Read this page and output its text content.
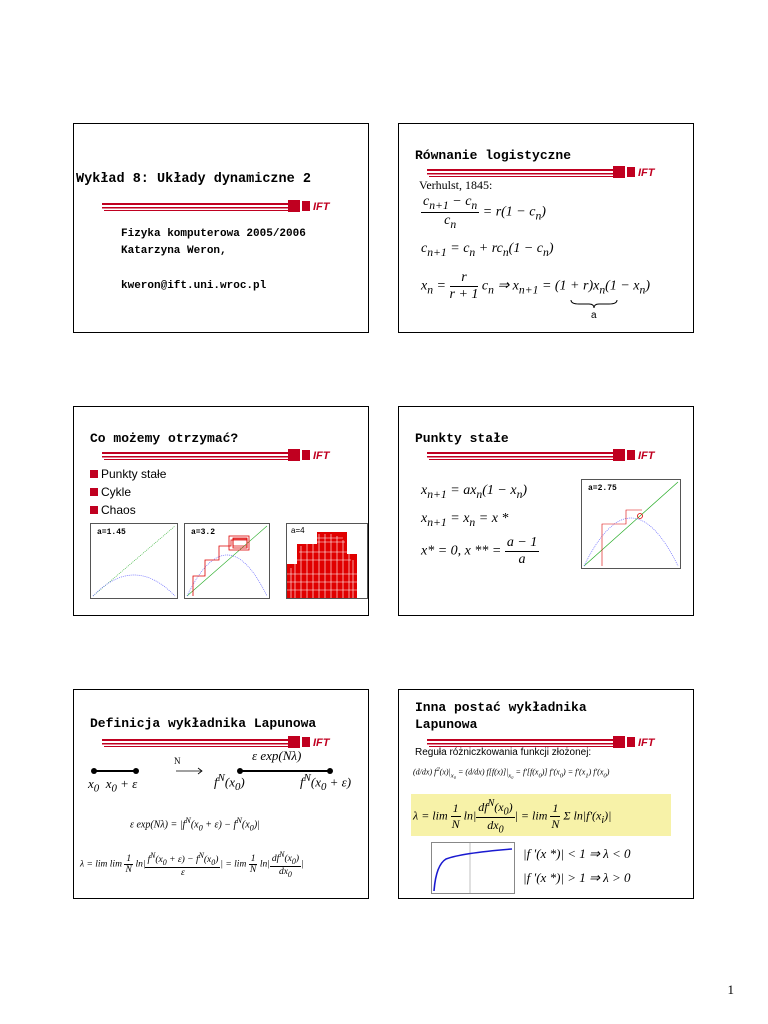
Wykład 8: Układy dynamiczne 2
IFT
Fizyka komputerowa 2005/2006
Katarzyna Weron,
kweron@ift.uni.wroc.pl
Równanie logistyczne
IFT
Verhulst, 1845:
$\frac{c_{n+1} - c_n}{c_n} = r(1 - c_n)$
$c_{n+1} = c_n + rc_n(1 - c_n)$
$x_n = \frac{r}{r + 1} c_n$ ⇒ $x_{n+1} = (1 + r)x_n(1 - x_n)$
a
Co możemy otrzymać?
IFT
Punkty stałe
Cykle
Chaos
a=1.45	a=3.2	a=4
Punkty stałe
IFT
$x_{n+1} = ax_n(1 - x_n)$
$x_{n+1} = x_n = x$ *
x* = 0, x ** = $\frac{a - 1}{a}$
a=2.75
Definicja wykładnika Lapunowa
IFT
N	ε exp(Nλ)
$x_0$  $x_0 + \varepsilon$	$f^N(x_0)$	$f^N(x_0 + \varepsilon)$
ε $\exp(N\lambda) = |f^N(x_0 + \varepsilon) - f^N(x_0)|$
$\lambda = \lim \lim \frac{1}{N} \ln| \frac{f^N(x_0 + \varepsilon) - f^N(x_0)}{\varepsilon}$ | = $\lim \frac{1}{N} \ln| \frac{df^N(x_0)}{dx_0}$ |
Inna postać wykładnika
Lapunowa
IFT
Reguła różniczkowania funkcji złożonej:
(d/dx) $f^2(x)|_{x_0} = (d/dx) f[f(x)]|_{x_0} = f'[f(x_0)] f'(x_0) = f'(x_1)$ $f'(x_0)$
$\lambda = \lim \frac{1}{N} \ln| \frac{df^N(x_0)}{dx_0}$ | = $\lim \frac{1}{N}$ Σ $\ln|f'(x_i)|$
|f '(x *)| < 1 ⇒ λ < 0
|f '(x *)| > 1 ⇒ λ > 0
1
